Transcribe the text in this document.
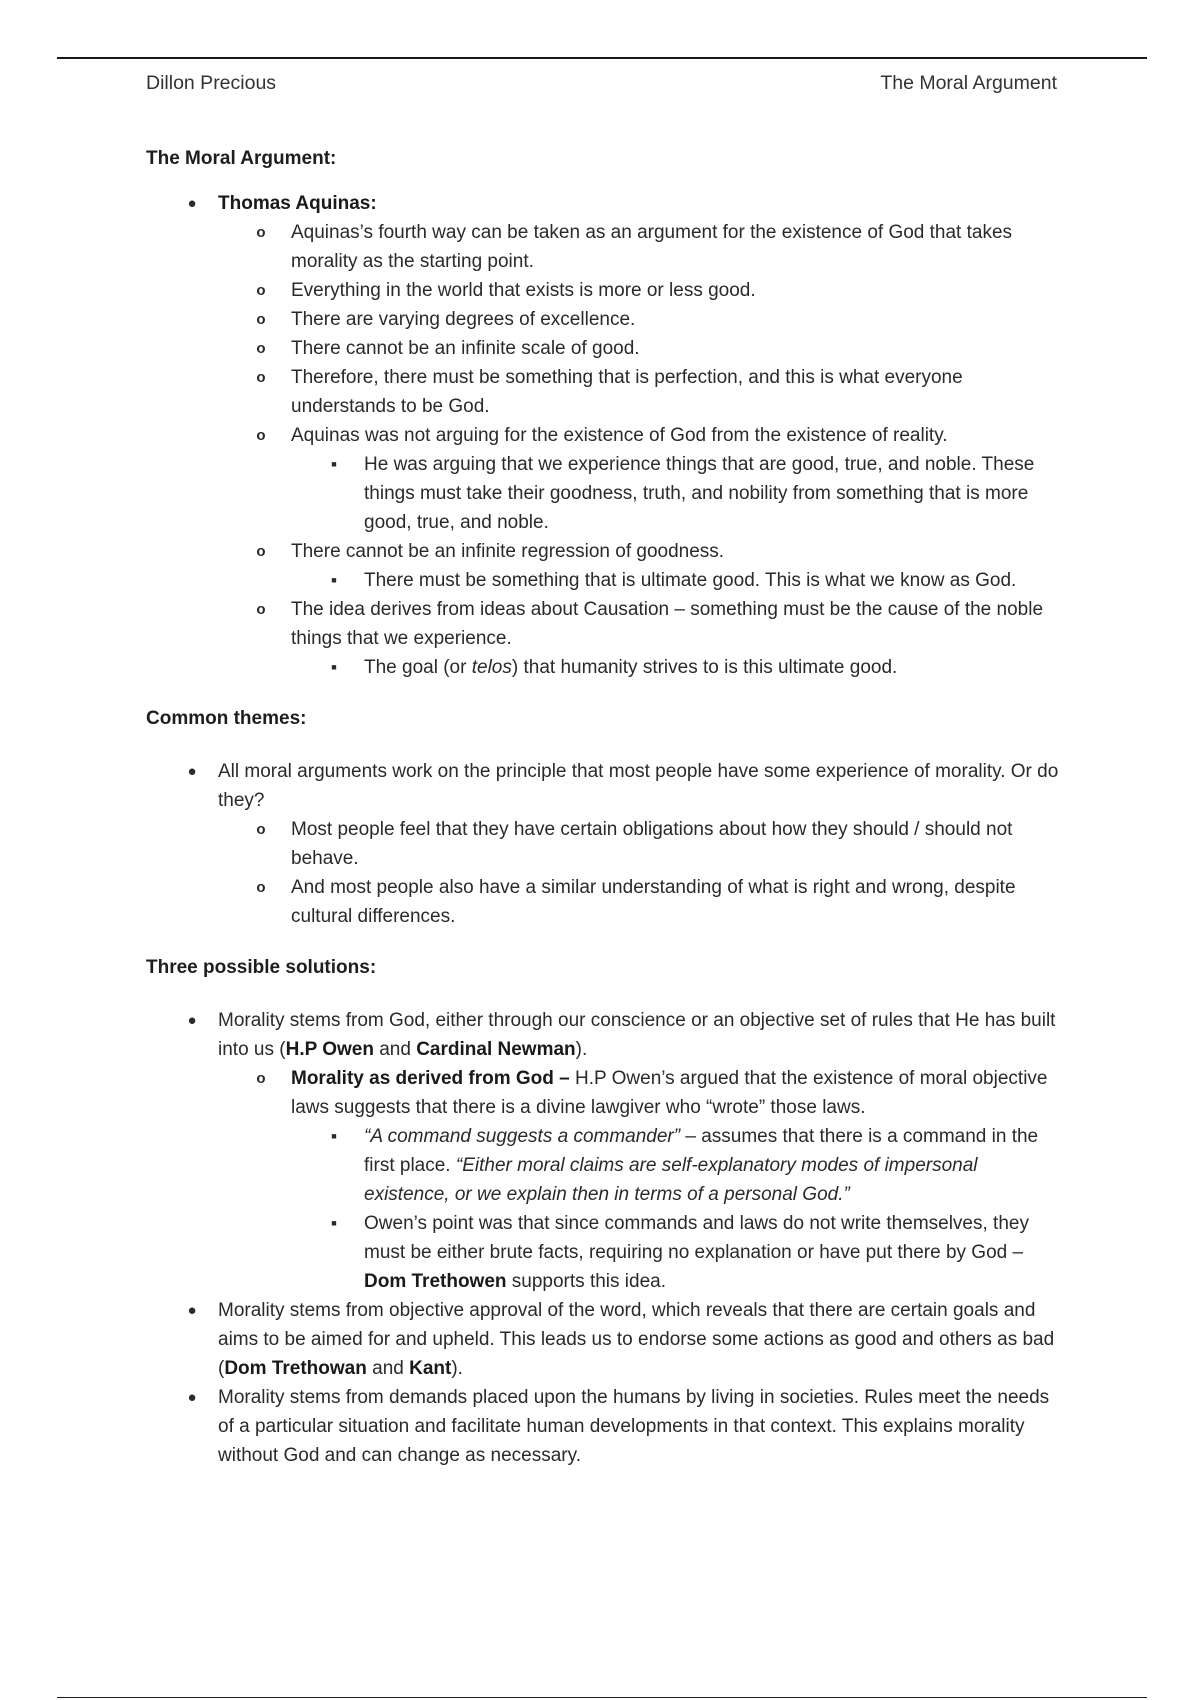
Dillon Precious	The Moral Argument

The Moral Argument:

● Thomas Aquinas:
o Aquinas’s fourth way can be taken as an argument for the existence of God that takes morality as the starting point.
o Everything in the world that exists is more or less good.
o There are varying degrees of excellence.
o There cannot be an infinite scale of good.
o Therefore, there must be something that is perfection, and this is what everyone understands to be God.
o Aquinas was not arguing for the existence of God from the existence of reality.
■	He was arguing that we experience things that are good, true, and noble. These things must take their goodness, truth, and nobility from something that is more good, true, and noble.
o There cannot be an infinite regression of goodness.
■	There must be something that is ultimate good. This is what we know as God.
o The idea derives from ideas about Causation – something must be the cause of the noble things that we experience.
■	The goal (or telos) that humanity strives to is this ultimate good.

Common themes:

● All moral arguments work on the principle that most people have some experience of morality. Or do they?
o Most people feel that they have certain obligations about how they should / should not behave.
o And most people also have a similar understanding of what is right and wrong, despite cultural differences.

Three possible solutions:

● Morality stems from God, either through our conscience or an objective set of rules that He has built into us (H.P Owen and Cardinal Newman).
o Morality as derived from God – H.P Owen’s argued that the existence of moral objective laws suggests that there is a divine lawgiver who “wrote” those laws.
■	“A command suggests a commander” – assumes that there is a command in the first place. “Either moral claims are self-explanatory modes of impersonal existence, or we explain then in terms of a personal God.”
■	Owen’s point was that since commands and laws do not write themselves, they must be either brute facts, requiring no explanation or have put there by God – Dom Trethowen supports this idea.
● Morality stems from objective approval of the word, which reveals that there are certain goals and aims to be aimed for and upheld. This leads us to endorse some actions as good and others as bad (Dom Trethowan and Kant).
● Morality stems from demands placed upon the humans by living in societies. Rules meet the needs of a particular situation and facilitate human developments in that context. This explains morality without God and can change as necessary.
